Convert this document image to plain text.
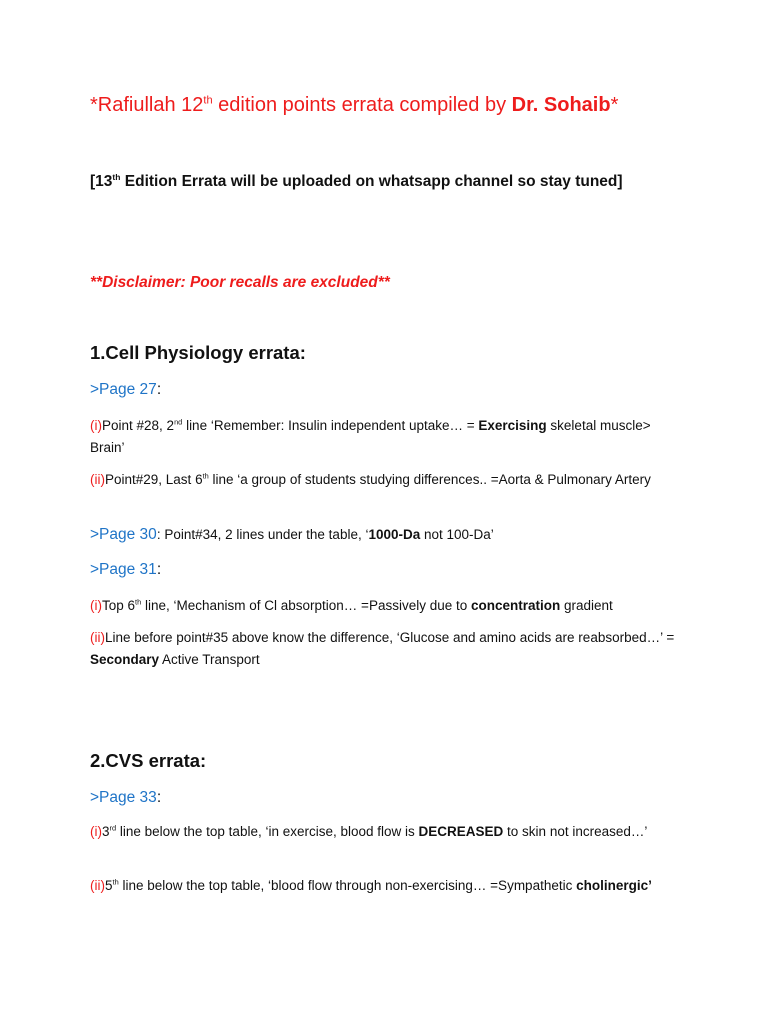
*Rafiullah 12th edition points errata compiled by Dr. Sohaib*
[13th Edition Errata will be uploaded on whatsapp channel so stay tuned]
**Disclaimer: Poor recalls are excluded**
1.Cell Physiology errata:
>Page 27:
(i)Point #28, 2nd line ‘Remember: Insulin independent uptake… = Exercising skeletal muscle> Brain’
(ii)Point#29, Last 6th line ‘a group of students studying differences.. =Aorta & Pulmonary Artery
>Page 30: Point#34, 2 lines under the table, ‘1000-Da not 100-Da’
>Page 31:
(i)Top 6th line, ‘Mechanism of Cl absorption… =Passively due to concentration gradient
(ii)Line before point#35 above know the difference, ‘Glucose and amino acids are reabsorbed…’ = Secondary Active Transport
2.CVS errata:
>Page 33:
(i)3rd line below the top table, ‘in exercise, blood flow is DECREASED to skin not increased…’
(ii)5th line below the top table, ‘blood flow through non-exercising… =Sympathetic cholinergic’
